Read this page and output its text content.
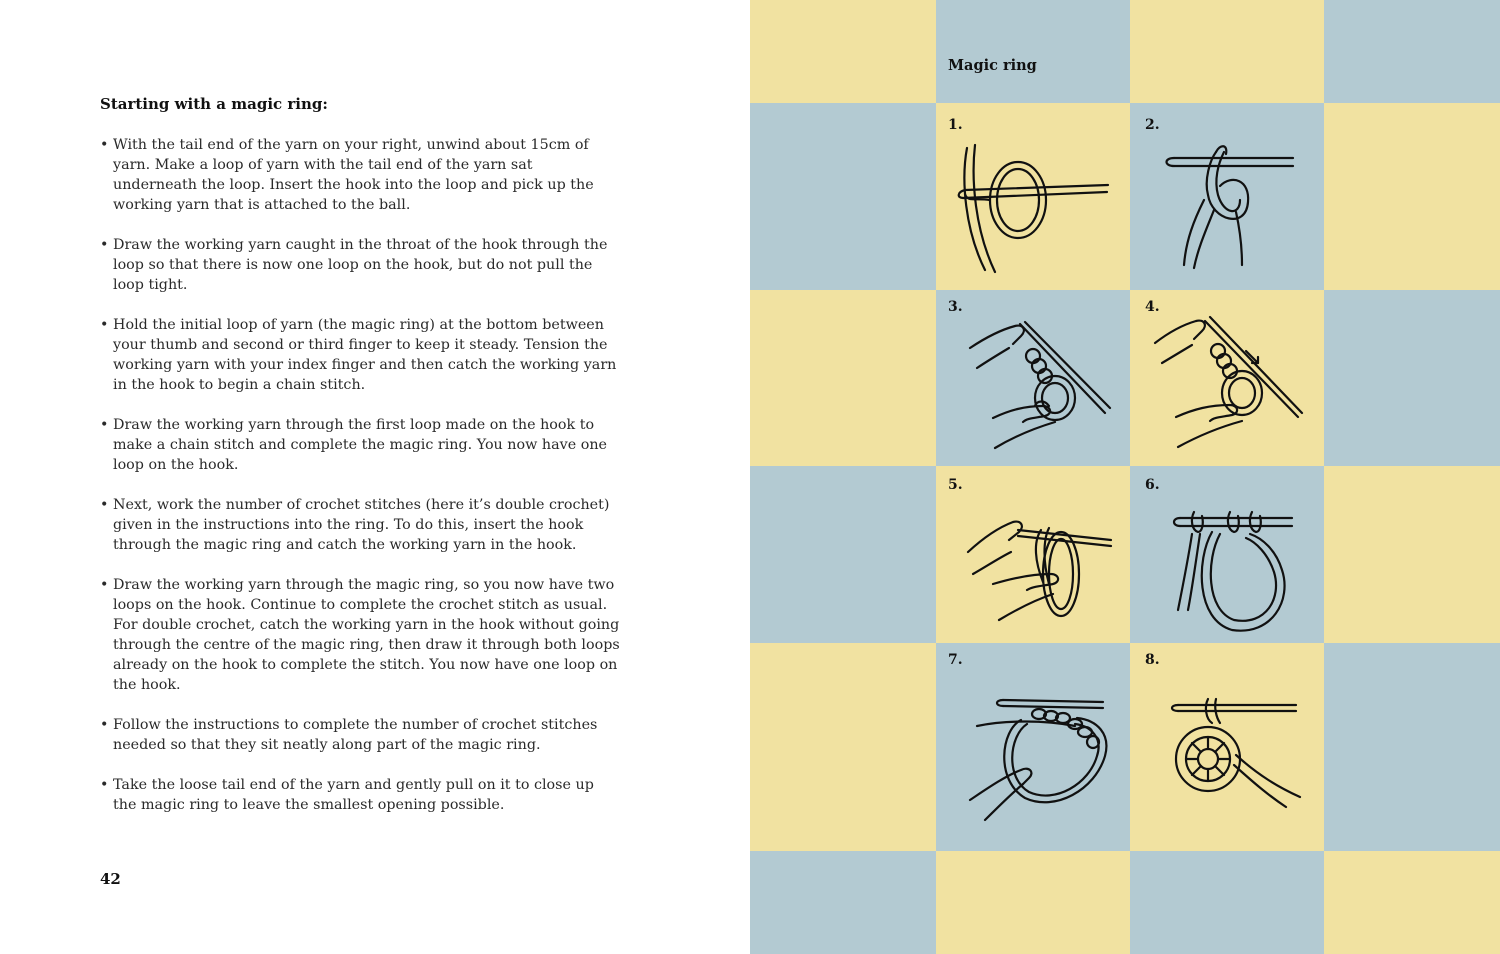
Starting with a magic ring:
• With the tail end of the yarn on your right, unwind about 15cm of yarn. Make a loop of yarn with the tail end of the yarn sat underneath the loop. Insert the hook into the loop and pick up the working yarn that is attached to the ball.
• Draw the working yarn caught in the throat of the hook through the loop so that there is now one loop on the hook, but do not pull the loop tight.
• Hold the initial loop of yarn (the magic ring) at the bottom between your thumb and second or third finger to keep it steady. Tension the working yarn with your index finger and then catch the working yarn in the hook to begin a chain stitch.
• Draw the working yarn through the first loop made on the hook to make a chain stitch and complete the magic ring. You now have one loop on the hook.
• Next, work the number of crochet stitches (here it’s double crochet) given in the instructions into the ring. To do this, insert the hook through the magic ring and catch the working yarn in the hook.
• Draw the working yarn through the magic ring, so you now have two loops on the hook. Continue to complete the crochet stitch as usual. For double crochet, catch the working yarn in the hook without going through the centre of the magic ring, then draw it through both loops already on the hook to complete the stitch. You now have one loop on the hook.
• Follow the instructions to complete the number of crochet stitches needed so that they sit neatly along part of the magic ring.
• Take the loose tail end of the yarn and gently pull on it to close up the magic ring to leave the smallest opening possible.
42
Magic ring
1.	2.
3.	4.
5.	6.
7.	8.
